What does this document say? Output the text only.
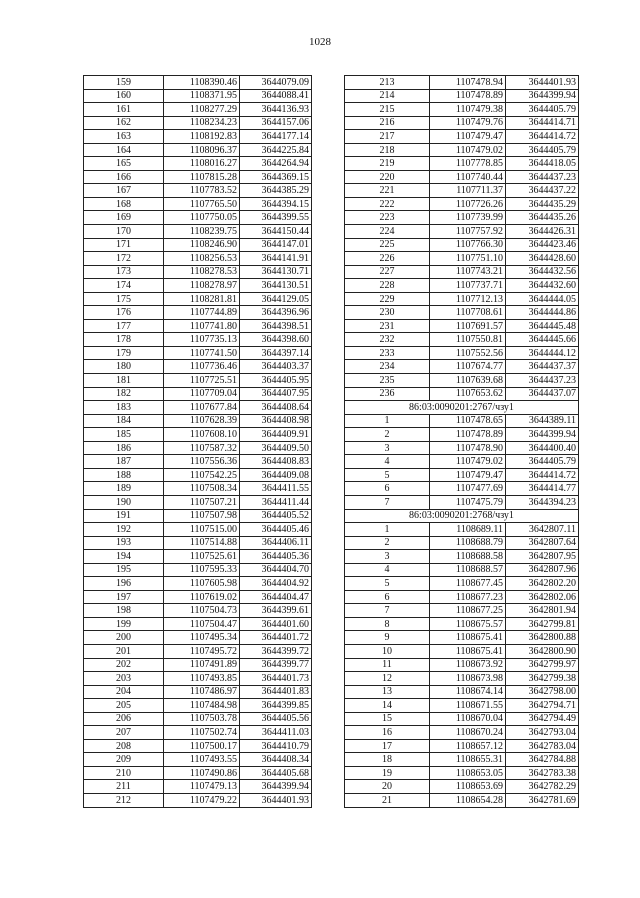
1028
159	1108390.46	3644079.09
160	1108371.95	3644088.41
161	1108277.29	3644136.93
162	1108234.23	3644157.06
163	1108192.83	3644177.14
164	1108096.37	3644225.84
165	1108016.27	3644264.94
166	1107815.28	3644369.15
167	1107783.52	3644385.29
168	1107765.50	3644394.15
169	1107750.05	3644399.55
170	1108239.75	3644150.44
171	1108246.90	3644147.01
172	1108256.53	3644141.91
173	1108278.53	3644130.71
174	1108278.97	3644130.51
175	1108281.81	3644129.05
176	1107744.89	3644396.96
177	1107741.80	3644398.51
178	1107735.13	3644398.60
179	1107741.50	3644397.14
180	1107736.46	3644403.37
181	1107725.51	3644405.95
182	1107709.04	3644407.95
183	1107677.84	3644408.64
184	1107628.39	3644408.98
185	1107608.10	3644409.91
186	1107587.32	3644409.50
187	1107556.36	3644408.83
188	1107542.25	3644409.08
189	1107508.34	3644411.55
190	1107507.21	3644411.44
191	1107507.98	3644405.52
192	1107515.00	3644405.46
193	1107514.88	3644406.11
194	1107525.61	3644405.36
195	1107595.33	3644404.70
196	1107605.98	3644404.92
197	1107619.02	3644404.47
198	1107504.73	3644399.61
199	1107504.47	3644401.60
200	1107495.34	3644401.72
201	1107495.72	3644399.72
202	1107491.89	3644399.77
203	1107493.85	3644401.73
204	1107486.97	3644401.83
205	1107484.98	3644399.85
206	1107503.78	3644405.56
207	1107502.74	3644411.03
208	1107500.17	3644410.79
209	1107493.55	3644408.34
210	1107490.86	3644405.68
211	1107479.13	3644399.94
212	1107479.22	3644401.93
213	1107478.94	3644401.93
214	1107478.89	3644399.94
215	1107479.38	3644405.79
216	1107479.76	3644414.71
217	1107479.47	3644414.72
218	1107479.02	3644405.79
219	1107778.85	3644418.05
220	1107740.44	3644437.23
221	1107711.37	3644437.22
222	1107726.26	3644435.29
223	1107739.99	3644435.26
224	1107757.92	3644426.31
225	1107766.30	3644423.46
226	1107751.10	3644428.60
227	1107743.21	3644432.56
228	1107737.71	3644432.60
229	1107712.13	3644444.05
230	1107708.61	3644444.86
231	1107691.57	3644445.48
232	1107550.81	3644445.66
233	1107552.56	3644444.12
234	1107674.77	3644437.37
235	1107639.68	3644437.23
236	1107653.62	3644437.07
86:03:0090201:2767/чзу1		
1	1107478.65	3644389.11
2	1107478.89	3644399.94
3	1107478.90	3644400.40
4	1107479.02	3644405.79
5	1107479.47	3644414.72
6	1107477.69	3644414.77
7	1107475.79	3644394.23
86:03:0090201:2768/чзу1		
1	1108689.11	3642807.11
2	1108688.79	3642807.64
3	1108688.58	3642807.95
4	1108688.57	3642807.96
5	1108677.45	3642802.20
6	1108677.23	3642802.06
7	1108677.25	3642801.94
8	1108675.57	3642799.81
9	1108675.41	3642800.88
10	1108675.41	3642800.90
11	1108673.92	3642799.97
12	1108673.98	3642799.38
13	1108674.14	3642798.00
14	1108671.55	3642794.71
15	1108670.04	3642794.49
16	1108670.24	3642793.04
17	1108657.12	3642783.04
18	1108655.31	3642784.88
19	1108653.05	3642783.38
20	1108653.69	3642782.29
21	1108654.28	3642781.69
